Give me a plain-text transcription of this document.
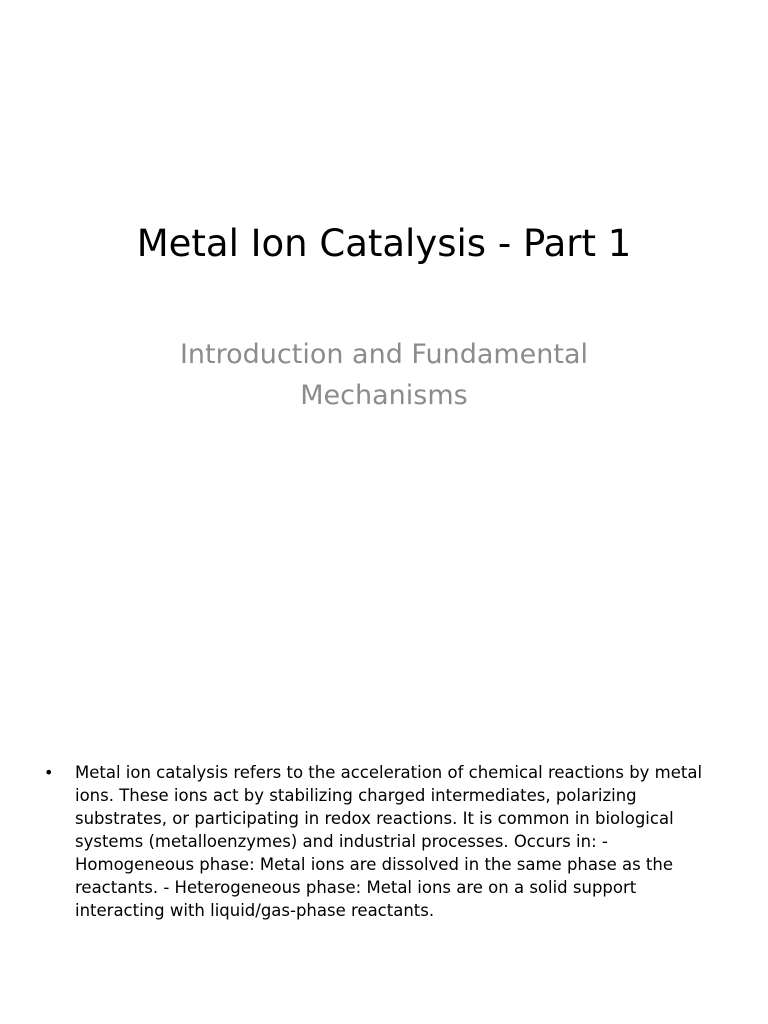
Metal Ion Catalysis - Part 1

Introduction and Fundamental Mechanisms

• Metal ion catalysis refers to the acceleration of chemical reactions by metal ions. These ions act by stabilizing charged intermediates, polarizing substrates, or participating in redox reactions. It is common in biological systems (metalloenzymes) and industrial processes. Occurs in: - Homogeneous phase: Metal ions are dissolved in the same phase as the reactants. - Heterogeneous phase: Metal ions are on a solid support interacting with liquid/gas-phase reactants.
